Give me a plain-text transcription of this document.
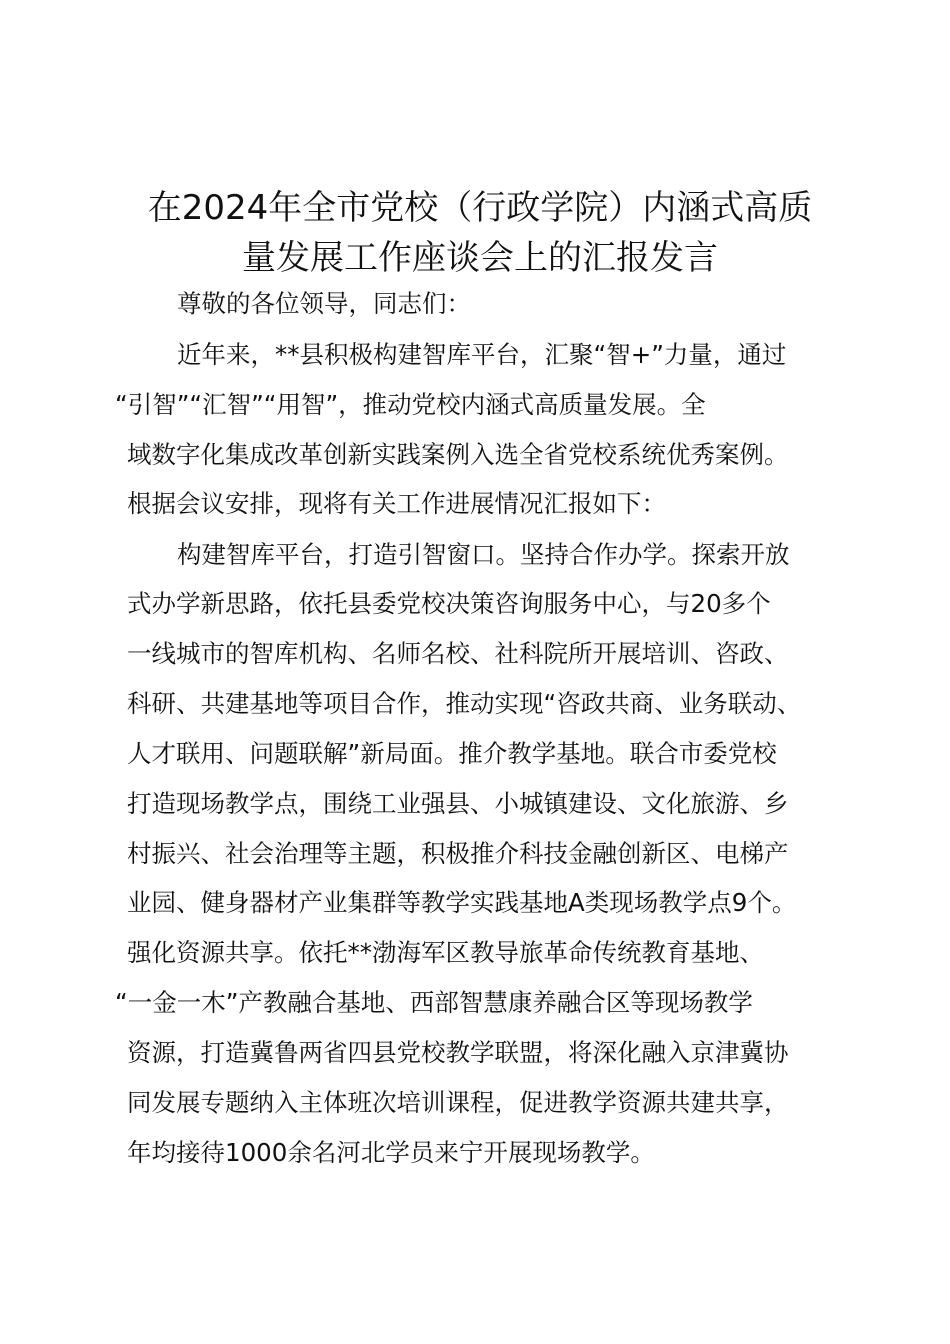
在2024年全市党校（行政学院）内涵式高质
量发展工作座谈会上的汇报发言
尊敬的各位领导，同志们：
近年来，**县积极构建智库平台，汇聚“智+”力量，通过
“引智”“汇智”“用智”，推动党校内涵式高质量发展。全
域数字化集成改革创新实践案例入选全省党校系统优秀案例。
根据会议安排，现将有关工作进展情况汇报如下：
构建智库平台，打造引智窗口。坚持合作办学。探索开放
式办学新思路，依托县委党校决策咨询服务中心，与20多个
一线城市的智库机构、名师名校、社科院所开展培训、咨政、
科研、共建基地等项目合作，推动实现“咨政共商、业务联动、
人才联用、问题联解”新局面。推介教学基地。联合市委党校
打造现场教学点，围绕工业强县、小城镇建设、文化旅游、乡
村振兴、社会治理等主题，积极推介科技金融创新区、电梯产
业园、健身器材产业集群等教学实践基地A类现场教学点9个。
强化资源共享。依托**渤海军区教导旅革命传统教育基地、
“一金一木”产教融合基地、西部智慧康养融合区等现场教学
资源，打造冀鲁两省四县党校教学联盟，将深化融入京津冀协
同发展专题纳入主体班次培训课程，促进教学资源共建共享，
年均接待1000余名河北学员来宁开展现场教学。
